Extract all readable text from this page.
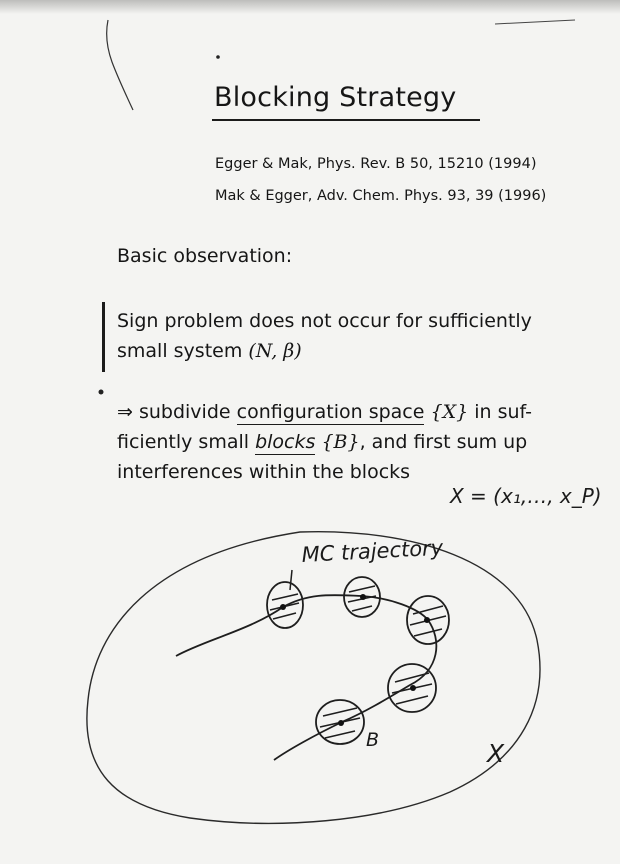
Blocking Strategy
Egger & Mak, Phys. Rev. B 50, 15210 (1994)
Mak & Egger, Adv. Chem. Phys. 93, 39 (1996)
Basic observation:
Sign problem does not occur for sufficiently
small system (N, β)
⇒ subdivide configuration space {X} in suf-
ficiently small blocks {B}, and first sum up
interferences within the blocks
MC trajectory
B	X
X = (x₁,…, x_P)
